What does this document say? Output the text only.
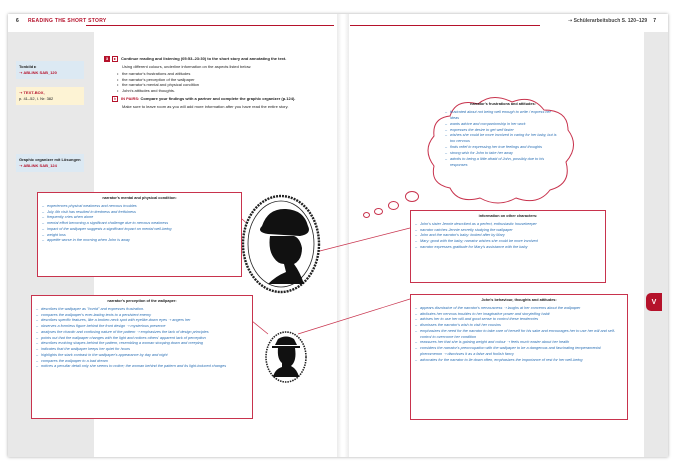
6 READING THE SHORT STORY	➝ Schülerarbeitsbuch S. 120–129 7
Tonbild ▸
➝ ABLINK SAB_120
➝ TEXT-BOX,
p. 41–52, I. Nr: 382
Graphic organizer mit Lösungen
➝ ABLINK SAB_124
3 ▸ Continue reading and listening (05:53–23:30) to the short story and annotating the text.
Using different colours, underline information on the aspects listed below.
• the narrator's frustrations and attitudes
• the narrator's perception of the wallpaper
• the narrator's mental and physical condition
• John's attitudes and thoughts.
b IN PAIRS: Compare your findings with a partner and complete the graphic organizer (p.124).
Make sure to leave room as you will add more information after you have read the entire story.	narrator's frustrations and attitudes:
– frustrated about not being well enough to write / express her ideas
– wants advice and companionship in her work
– expresses the desire to get well faster
– wishes she could be more involved in caring for her baby, but is too nervous
– finds relief in expressing her true feelings and thoughts
– strong wish for John to take her away
– admits to being a little afraid of John, possibly due to his responses
narrator's mental and physical condition:
– experiences physical weakness and nervous troubles
– July 4th visit has resulted in tiredness and fretfulness
– frequently cries when alone
– mental effort becoming a significant challenge due to nervous weakness
– impact of the wallpaper suggests a significant impact on mental well-being
– weight loss
– appetite worse in the morning when John is away
information on other characters:
– John's sister Jennie described as a perfect, enthusiastic housekeeper
– narrator catches Jennie secretly studying the wallpaper
– John and the narrator's baby: looked after by Mary
– Mary: good with the baby; narrator wishes she could be more involved
– narrator expresses gratitude for Mary's assistance with the baby
narrator's perception of the wallpaper:
– describes the wallpaper as "horrid" and expresses frustration.
– compares the wallpaper's ever-lasting texts to a persistent enemy
– describes specific features, like a broken-neck spot with eyelike-down eyes ➝ angers her
– observes a formless figure behind the front design ➝ mysterious presence
– analyses the chaotic and confusing nature of the pattern ➝ emphasizes the lack of design principles
– points out that the wallpaper changes with the light and notices others' apparent lack of perception
– describes evolving shapes behind the pattern, resembling a woman stooping down and creeping
– indicates that the wallpaper keeps her quiet for hours
– highlights the stark contrast in the wallpaper's appearance by day and night
– compares the wallpaper to a bad dream
– notices a peculiar detail only she seems to notice; the woman behind the pattern and its light-induced changes
John's behaviour, thoughts and attitudes:
– appears dismissive of the narrator's nervousness ➝ laughs at her concerns about the wallpaper
– attributes her nervous troubles to her imaginative power and storytelling habit
– advises her to use her will and good sense to control these tendencies
– dismisses the narrator's wish to visit her cousins
– emphasizes the need for the narrator to take care of herself for his sake and encourages her to use her will and self-control to overcome her condition
– reassures her that she is gaining weight and colour ➝ feels much easier about her health
– considers the narrator's preoccupation with the wallpaper to be a dangerous and fascinating temperamental phenomenon ➝ dismisses it as a false and foolish fancy
– advocates for the narrator to lie down often, emphasizes the importance of rest for her well-being
V
